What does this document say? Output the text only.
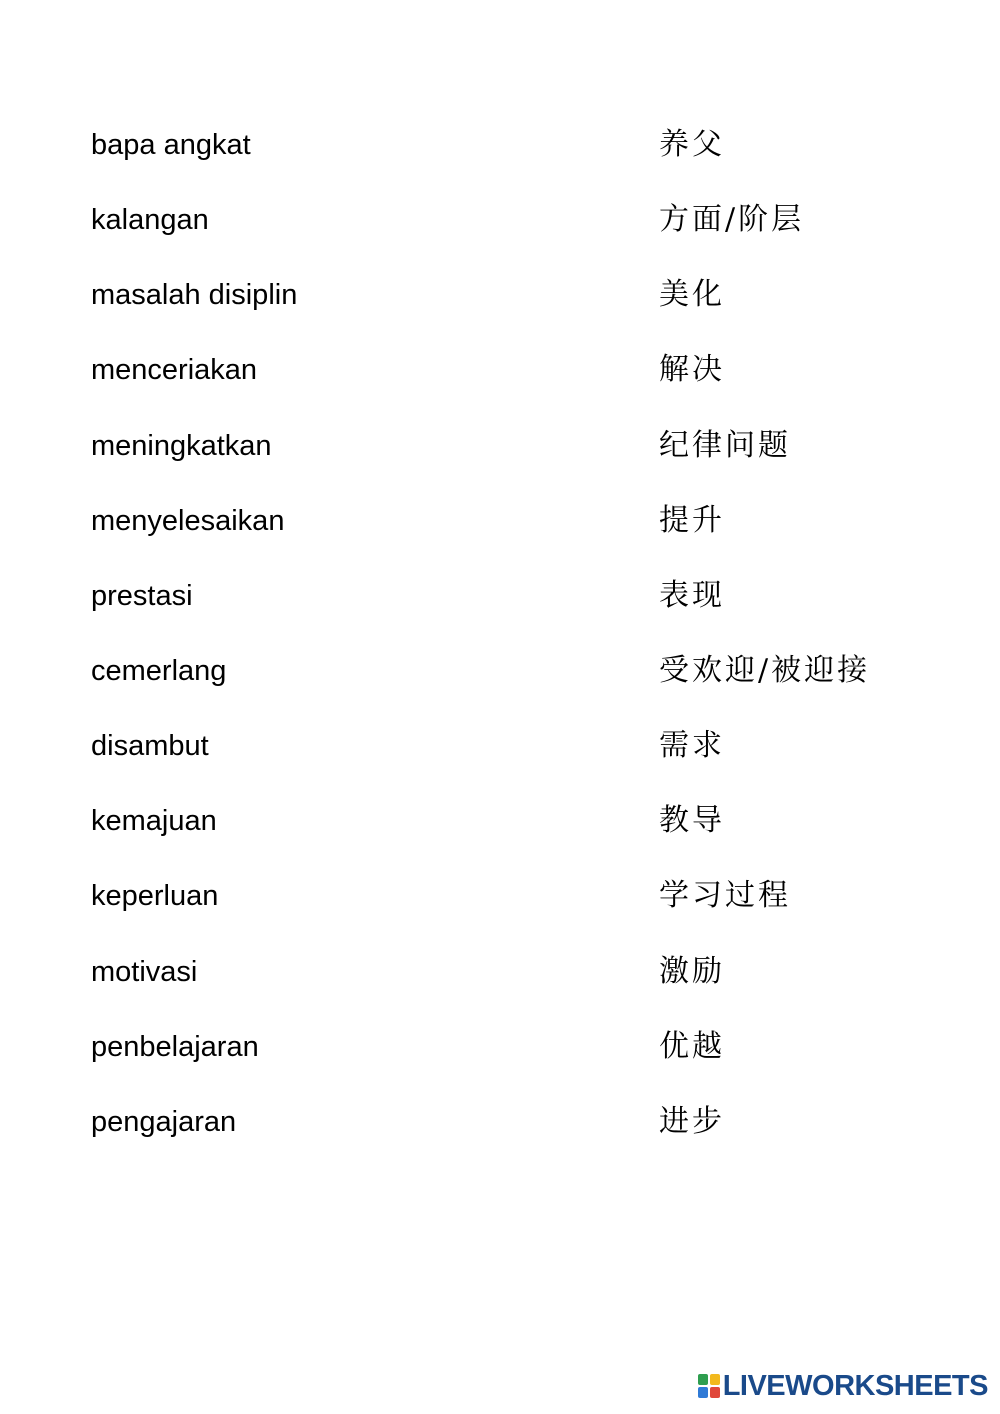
bapa angkat	养父
kalangan	方面/阶层
masalah disiplin	美化
menceriakan	解决
meningkatkan	纪律问题
menyelesaikan	提升
prestasi	表现
cemerlang	受欢迎/被迎接
disambut	需求
kemajuan	教导
keperluan	学习过程
motivasi	激励
penbelajaran	优越
pengajaran	进步
LIVEWORKSHEETS
